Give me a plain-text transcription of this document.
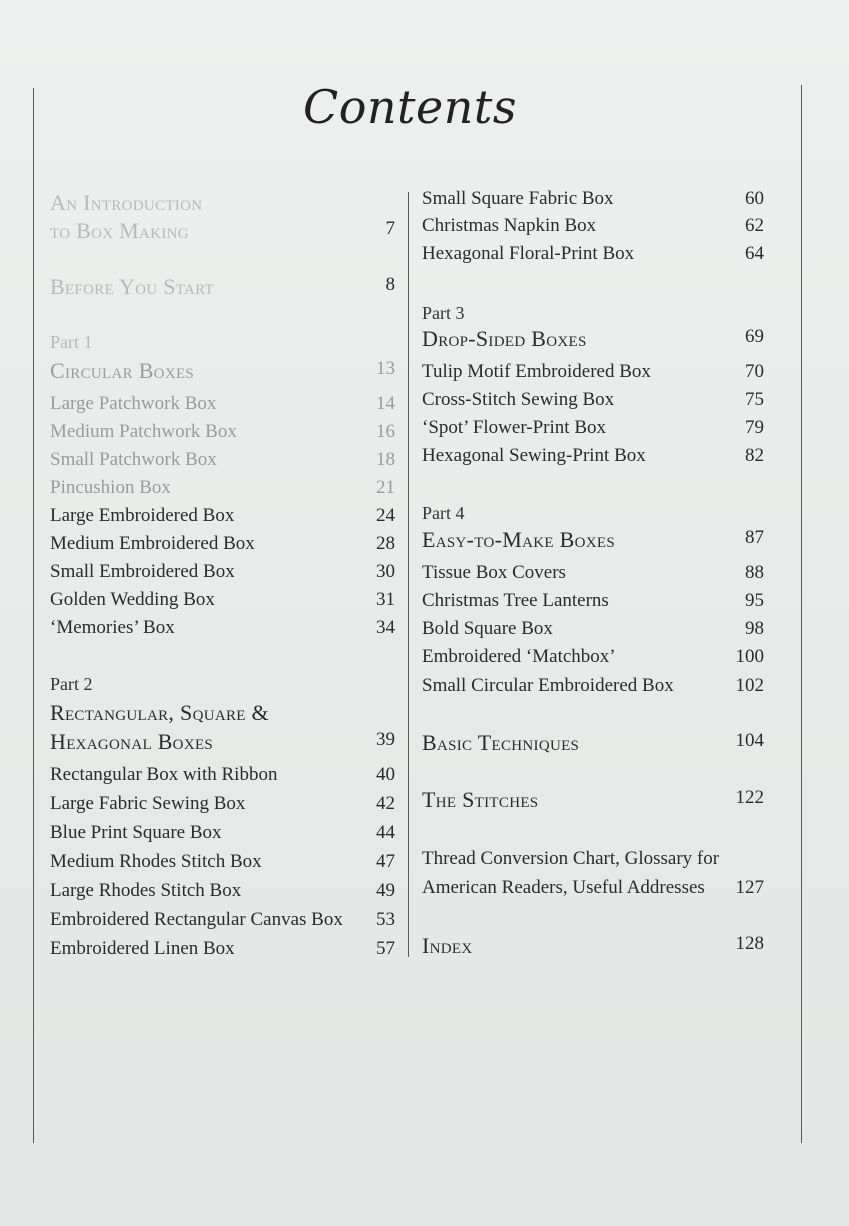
Contents
An Introduction
to Box Making	7
Before You Start	8
Part 1
Circular Boxes	13
Large Patchwork Box	14
Medium Patchwork Box	16
Small Patchwork Box	18
Pincushion Box	21
Large Embroidered Box	24
Medium Embroidered Box	28
Small Embroidered Box	30
Golden Wedding Box	31
‘Memories’ Box	34
Part 2
Rectangular, Square &
Hexagonal Boxes	39
Rectangular Box with Ribbon	40
Large Fabric Sewing Box	42
Blue Print Square Box	44
Medium Rhodes Stitch Box	47
Large Rhodes Stitch Box	49
Embroidered Rectangular Canvas Box 53
Embroidered Linen Box	57
Small Square Fabric Box	60
Christmas Napkin Box	62
Hexagonal Floral-Print Box	64
Part 3
Drop-Sided Boxes	69
Tulip Motif Embroidered Box	70
Cross-Stitch Sewing Box	75
‘Spot’ Flower-Print Box	79
Hexagonal Sewing-Print Box	82
Part 4
Easy-to-Make Boxes	87
Tissue Box Covers	88
Christmas Tree Lanterns	95
Bold Square Box	98
Embroidered ‘Matchbox’	100
Small Circular Embroidered Box	102
Basic Techniques	104
The Stitches	122
Thread Conversion Chart, Glossary for
American Readers, Useful Addresses 127
Index	128
